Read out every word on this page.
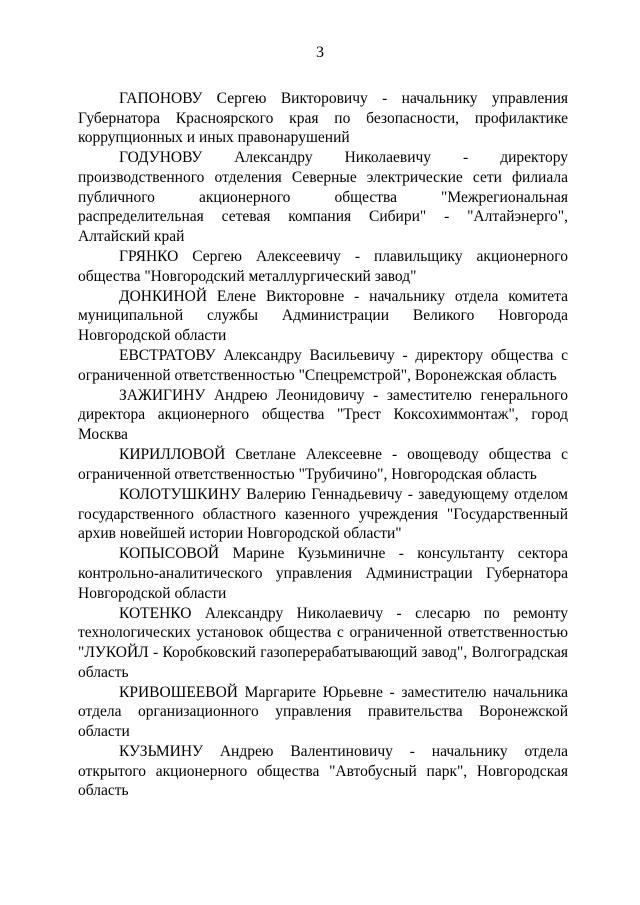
3

ГАПОНОВУ Сергею Викторовичу - начальнику управления Губернатора Красноярского края по безопасности, профилактике коррупционных и иных правонарушений

ГОДУНОВУ Александру Николаевичу - директору производственного отделения Северные электрические сети филиала публичного акционерного общества "Межрегиональная распределительная сетевая компания Сибири" - "Алтайэнерго", Алтайский край

ГРЯНКО Сергею Алексеевичу - плавильщику акционерного общества "Новгородский металлургический завод"

ДОНКИНОЙ Елене Викторовне - начальнику отдела комитета муниципальной службы Администрации Великого Новгорода Новгородской области

ЕВСТРАТОВУ Александру Васильевичу - директору общества с ограниченной ответственностью "Спецремстрой", Воронежская область

ЗАЖИГИНУ Андрею Леонидовичу - заместителю генерального директора акционерного общества "Трест Коксохиммонтаж", город Москва

КИРИЛЛОВОЙ Светлане Алексеевне - овощеводу общества с ограниченной ответственностью "Трубичино", Новгородская область

КОЛОТУШКИНУ Валерию Геннадьевичу - заведующему отделом государственного областного казенного учреждения "Государственный архив новейшей истории Новгородской области"

КОПЫСОВОЙ Марине Кузьминичне - консультанту сектора контрольно-аналитического управления Администрации Губернатора Новгородской области

КОТЕНКО Александру Николаевичу - слесарю по ремонту технологических установок общества с ограниченной ответственностью "ЛУКОЙЛ - Коробковский газоперерабатывающий завод", Волгоградская область

КРИВОШЕЕВОЙ Маргарите Юрьевне - заместителю начальника отдела организационного управления правительства Воронежской области

КУЗЬМИНУ Андрею Валентиновичу - начальнику отдела открытого акционерного общества "Автобусный парк", Новгородская область
